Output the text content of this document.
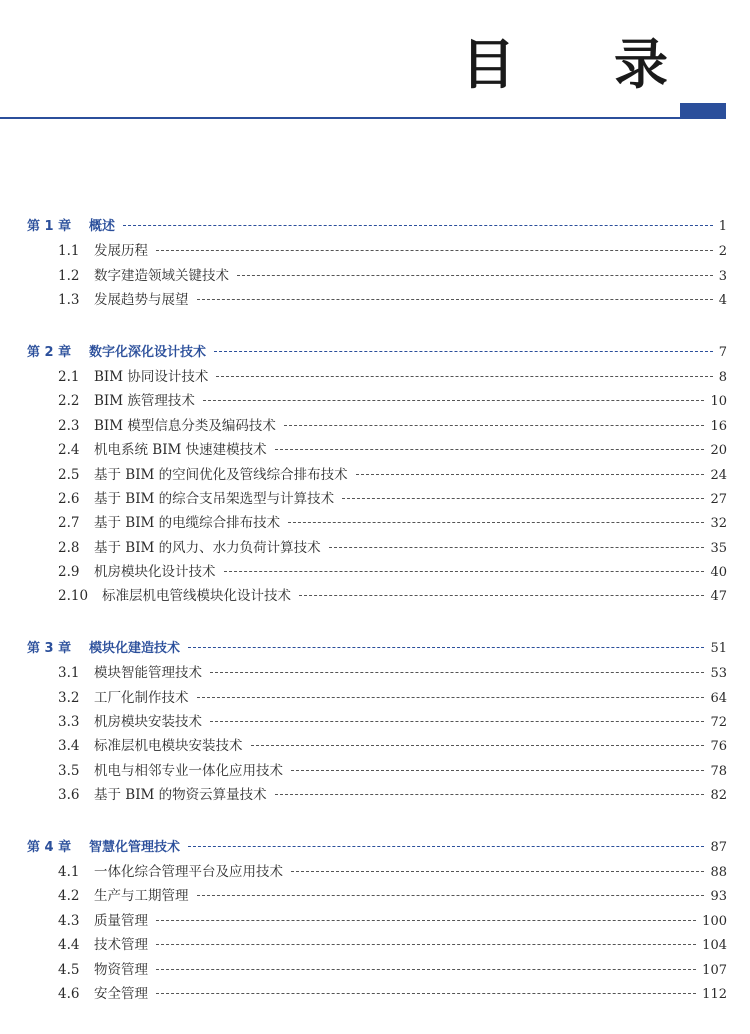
目 录
第 1 章	概述	1
1.1	发展历程	2
1.2	数字建造领域关键技术	3
1.3	发展趋势与展望	4
第 2 章	数字化深化设计技术	7
2.1	BIM 协同设计技术	8
2.2	BIM 族管理技术	10
2.3	BIM 模型信息分类及编码技术	16
2.4	机电系统 BIM 快速建模技术	20
2.5	基于 BIM 的空间优化及管线综合排布技术	24
2.6	基于 BIM 的综合支吊架选型与计算技术	27
2.7	基于 BIM 的电缆综合排布技术	32
2.8	基于 BIM 的风力、水力负荷计算技术	35
2.9	机房模块化设计技术	40
2.10	标准层机电管线模块化设计技术	47
第 3 章	模块化建造技术	51
3.1	模块智能管理技术	53
3.2	工厂化制作技术	64
3.3	机房模块安装技术	72
3.4	标准层机电模块安装技术	76
3.5	机电与相邻专业一体化应用技术	78
3.6	基于 BIM 的物资云算量技术	82
第 4 章	智慧化管理技术	87
4.1	一体化综合管理平台及应用技术	88
4.2	生产与工期管理	93
4.3	质量管理	100
4.4	技术管理	104
4.5	物资管理	107
4.6	安全管理	112
